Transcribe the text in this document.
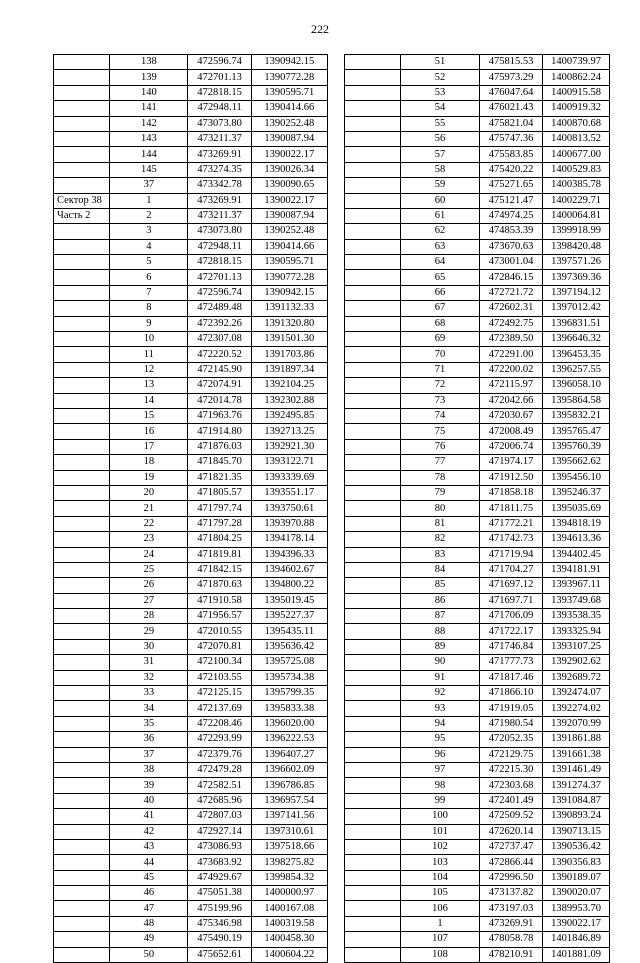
222
	138	472596.74	1390942.15
	139	472701.13	1390772.28
	140	472818.15	1390595.71
	141	472948.11	1390414.66
	142	473073.80	1390252.48
	143	473211.37	1390087.94
	144	473269.91	1390022.17
	145	473274.35	1390026.34
	37	473342.78	1390090.65
Сектор 38	1	473269.91	1390022.17
Часть 2	2	473211.37	1390087.94
	3	473073.80	1390252.48
	4	472948.11	1390414.66
	5	472818.15	1390595.71
	6	472701.13	1390772.28
	7	472596.74	1390942.15
	8	472489.48	1391132.33
	9	472392.26	1391320.80
	10	472307.08	1391501.30
	11	472220.52	1391703.86
	12	472145.90	1391897.34
	13	472074.91	1392104.25
	14	472014.78	1392302.88
	15	471963.76	1392495.85
	16	471914.80	1392713.25
	17	471876.03	1392921.30
	18	471845.70	1393122.71
	19	471821.35	1393339.69
	20	471805.57	1393551.17
	21	471797.74	1393750.61
	22	471797.28	1393970.88
	23	471804.25	1394178.14
	24	471819.81	1394396.33
	25	471842.15	1394602.67
	26	471870.63	1394800.22
	27	471910.58	1395019.45
	28	471956.57	1395227.37
	29	472010.55	1395435.11
	30	472070.81	1395636.42
	31	472100.34	1395725.08
	32	472103.55	1395734.38
	33	472125.15	1395799.35
	34	472137.69	1395833.38
	35	472208.46	1396020.00
	36	472293.99	1396222.53
	37	472379.76	1396407.27
	38	472479.28	1396602.09
	39	472582.51	1396786.85
	40	472685.96	1396957.54
	41	472807.03	1397141.56
	42	472927.14	1397310.61
	43	473086.93	1397518.66
	44	473683.92	1398275.82
	45	474929.67	1399854.32
	46	475051.38	1400000.97
	47	475199.96	1400167.08
	48	475346.98	1400319.58
	49	475490.19	1400458.30
	50	475652.61	1400604.22
	51	475815.53	1400739.97
	52	475973.29	1400862.24
	53	476047.64	1400915.58
	54	476021.43	1400919.32
	55	475821.04	1400870.68
	56	475747.36	1400813.52
	57	475583.85	1400677.00
	58	475420.22	1400529.83
	59	475271.65	1400385.78
	60	475121.47	1400229.71
	61	474974.25	1400064.81
	62	474853.39	1399918.99
	63	473670.63	1398420.48
	64	473001.04	1397571.26
	65	472846.15	1397369.36
	66	472721.72	1397194.12
	67	472602.31	1397012.42
	68	472492.75	1396831.51
	69	472389.50	1396646.32
	70	472291.00	1396453.35
	71	472200.02	1396257.55
	72	472115.97	1396058.10
	73	472042.66	1395864.58
	74	472030.67	1395832.21
	75	472008.49	1395765.47
	76	472006.74	1395760.39
	77	471974.17	1395662.62
	78	471912.50	1395456.10
	79	471858.18	1395246.37
	80	471811.75	1395035.69
	81	471772.21	1394818.19
	82	471742.73	1394613.36
	83	471719.94	1394402.45
	84	471704.27	1394181.91
	85	471697.12	1393967.11
	86	471697.71	1393749.68
	87	471706.09	1393538.35
	88	471722.17	1393325.94
	89	471746.84	1393107.25
	90	471777.73	1392902.62
	91	471817.46	1392689.72
	92	471866.10	1392474.07
	93	471919.05	1392274.02
	94	471980.54	1392070.99
	95	472052.35	1391861.88
	96	472129.75	1391661.38
	97	472215.30	1391461.49
	98	472303.68	1391274.37
	99	472401.49	1391084.87
	100	472509.52	1390893.24
	101	472620.14	1390713.15
	102	472737.47	1390536.42
	103	472866.44	1390356.83
	104	472996.50	1390189.07
	105	473137.82	1390020.07
	106	473197.03	1389953.70
	1	473269.91	1390022.17
	107	478058.78	1401846.89
	108	478210.91	1401881.09
